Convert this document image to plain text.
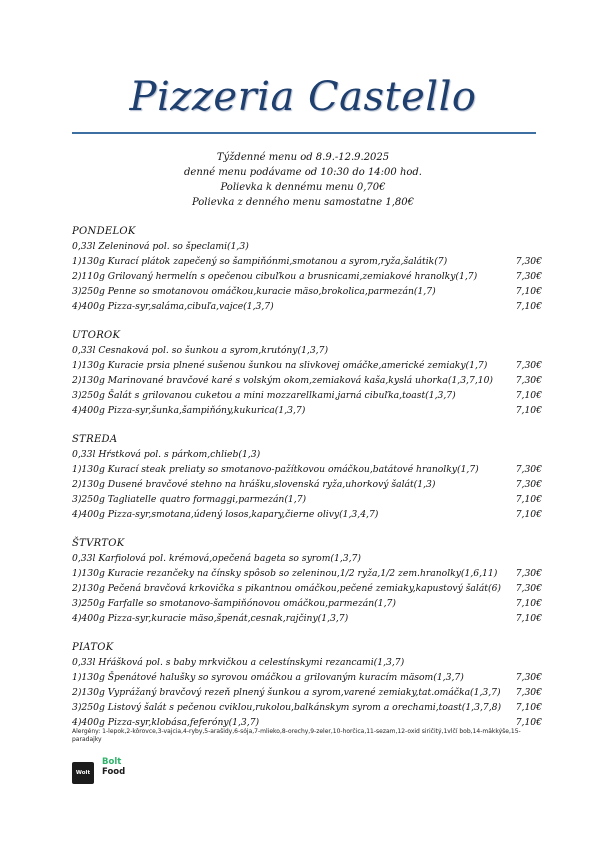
Pizzeria Castello
Týždenné menu od 8.9.-12.9.2025
denné menu podávame od 10:30 do 14:00 hod.
Polievka k dennému menu 0,70€
Polievka z denného menu samostatne 1,80€
PONDELOK
0,33l Zeleninová pol. so špeclami(1,3)
1)130g Kurací plátok zapečený so šampiňónmi,smotanou a syrom,ryža,šalátik(7)	7,30€
2)110g Grilovaný hermelín s opečenou cibuľkou a brusnicami,zemiakové hranolky(1,7)	7,30€
3)250g Penne so smotanovou omáčkou,kuracie mäso,brokolica,parmezán(1,7)	7,10€
4)400g Pizza-syr,saláma,cibuľa,vajce(1,3,7)	7,10€
UTOROK
0,33l Cesnaková pol. so šunkou a syrom,krutóny(1,3,7)
1)130g Kuracie prsia plnené sušenou šunkou na slivkovej omáčke,americké zemiaky(1,7)	7,30€
2)130g Marinované bravčové karé s volským okom,zemiaková kaša,kyslá uhorka(1,3,7,10)	7,30€
3)250g Šalát s grilovanou cuketou a mini mozzarellkami,jarná cibuľka,toast(1,3,7)	7,10€
4)400g Pizza-syr,šunka,šampiňóny,kukurica(1,3,7)	7,10€
STREDA
0,33l Hŕstková pol. s párkom,chlieb(1,3)
1)130g Kurací steak preliaty so smotanovo-pažítkovou omáčkou,batátové hranolky(1,7)	7,30€
2)130g Dusené bravčové stehno na hrášku,slovenská ryža,uhorkový šalát(1,3)	7,30€
3)250g Tagliatelle quatro formaggi,parmezán(1,7)	7,10€
4)400g Pizza-syr,smotana,údený losos,kapary,čierne olivy(1,3,4,7)	7,10€
ŠTVRTOK
0,33l Karfiolová pol. krémová,opečená bageta so syrom(1,3,7)
1)130g Kuracie rezančeky na čínsky spôsob so zeleninou,1/2 ryža,1/2 zem.hranolky(1,6,11)	7,30€
2)130g Pečená bravčová krkovička s pikantnou omáčkou,pečené zemiaky,kapustový šalát(6)	7,30€
3)250g Farfalle so smotanovo-šampiňónovou omáčkou,parmezán(1,7)	7,10€
4)400g Pizza-syr,kuracie mäso,špenát,cesnak,rajčiny(1,3,7)	7,10€
PIATOK
0,33l Hŕášková pol. s baby mrkvičkou a celestínskymi rezancami(1,3,7)
1)130g Špenátové halušky so syrovou omáčkou a grilovaným kuracím mäsom(1,3,7)	7,30€
2)130g Vyprážaný bravčový rezeň plnený šunkou a syrom,varené zemiaky,tat.omáčka(1,3,7)	7,30€
3)250g Listový šalát s pečenou cviklou,rukolou,balkánskym syrom a orechami,toast(1,3,7,8)	7,10€
4)400g Pizza-syr,klobása,feferóny(1,3,7)	7,10€
Alergény: 1-lepok,2-kôrovce,3-vajcia,4-ryby,5-arašidy,6-sója,7-mlieko,8-orechy,9-zeler,10-horčica,11-sezam,12-oxid siričitý,1vlčí bob,14-mäkkýše,15-paradajky
Wolt
Bolt
Food
